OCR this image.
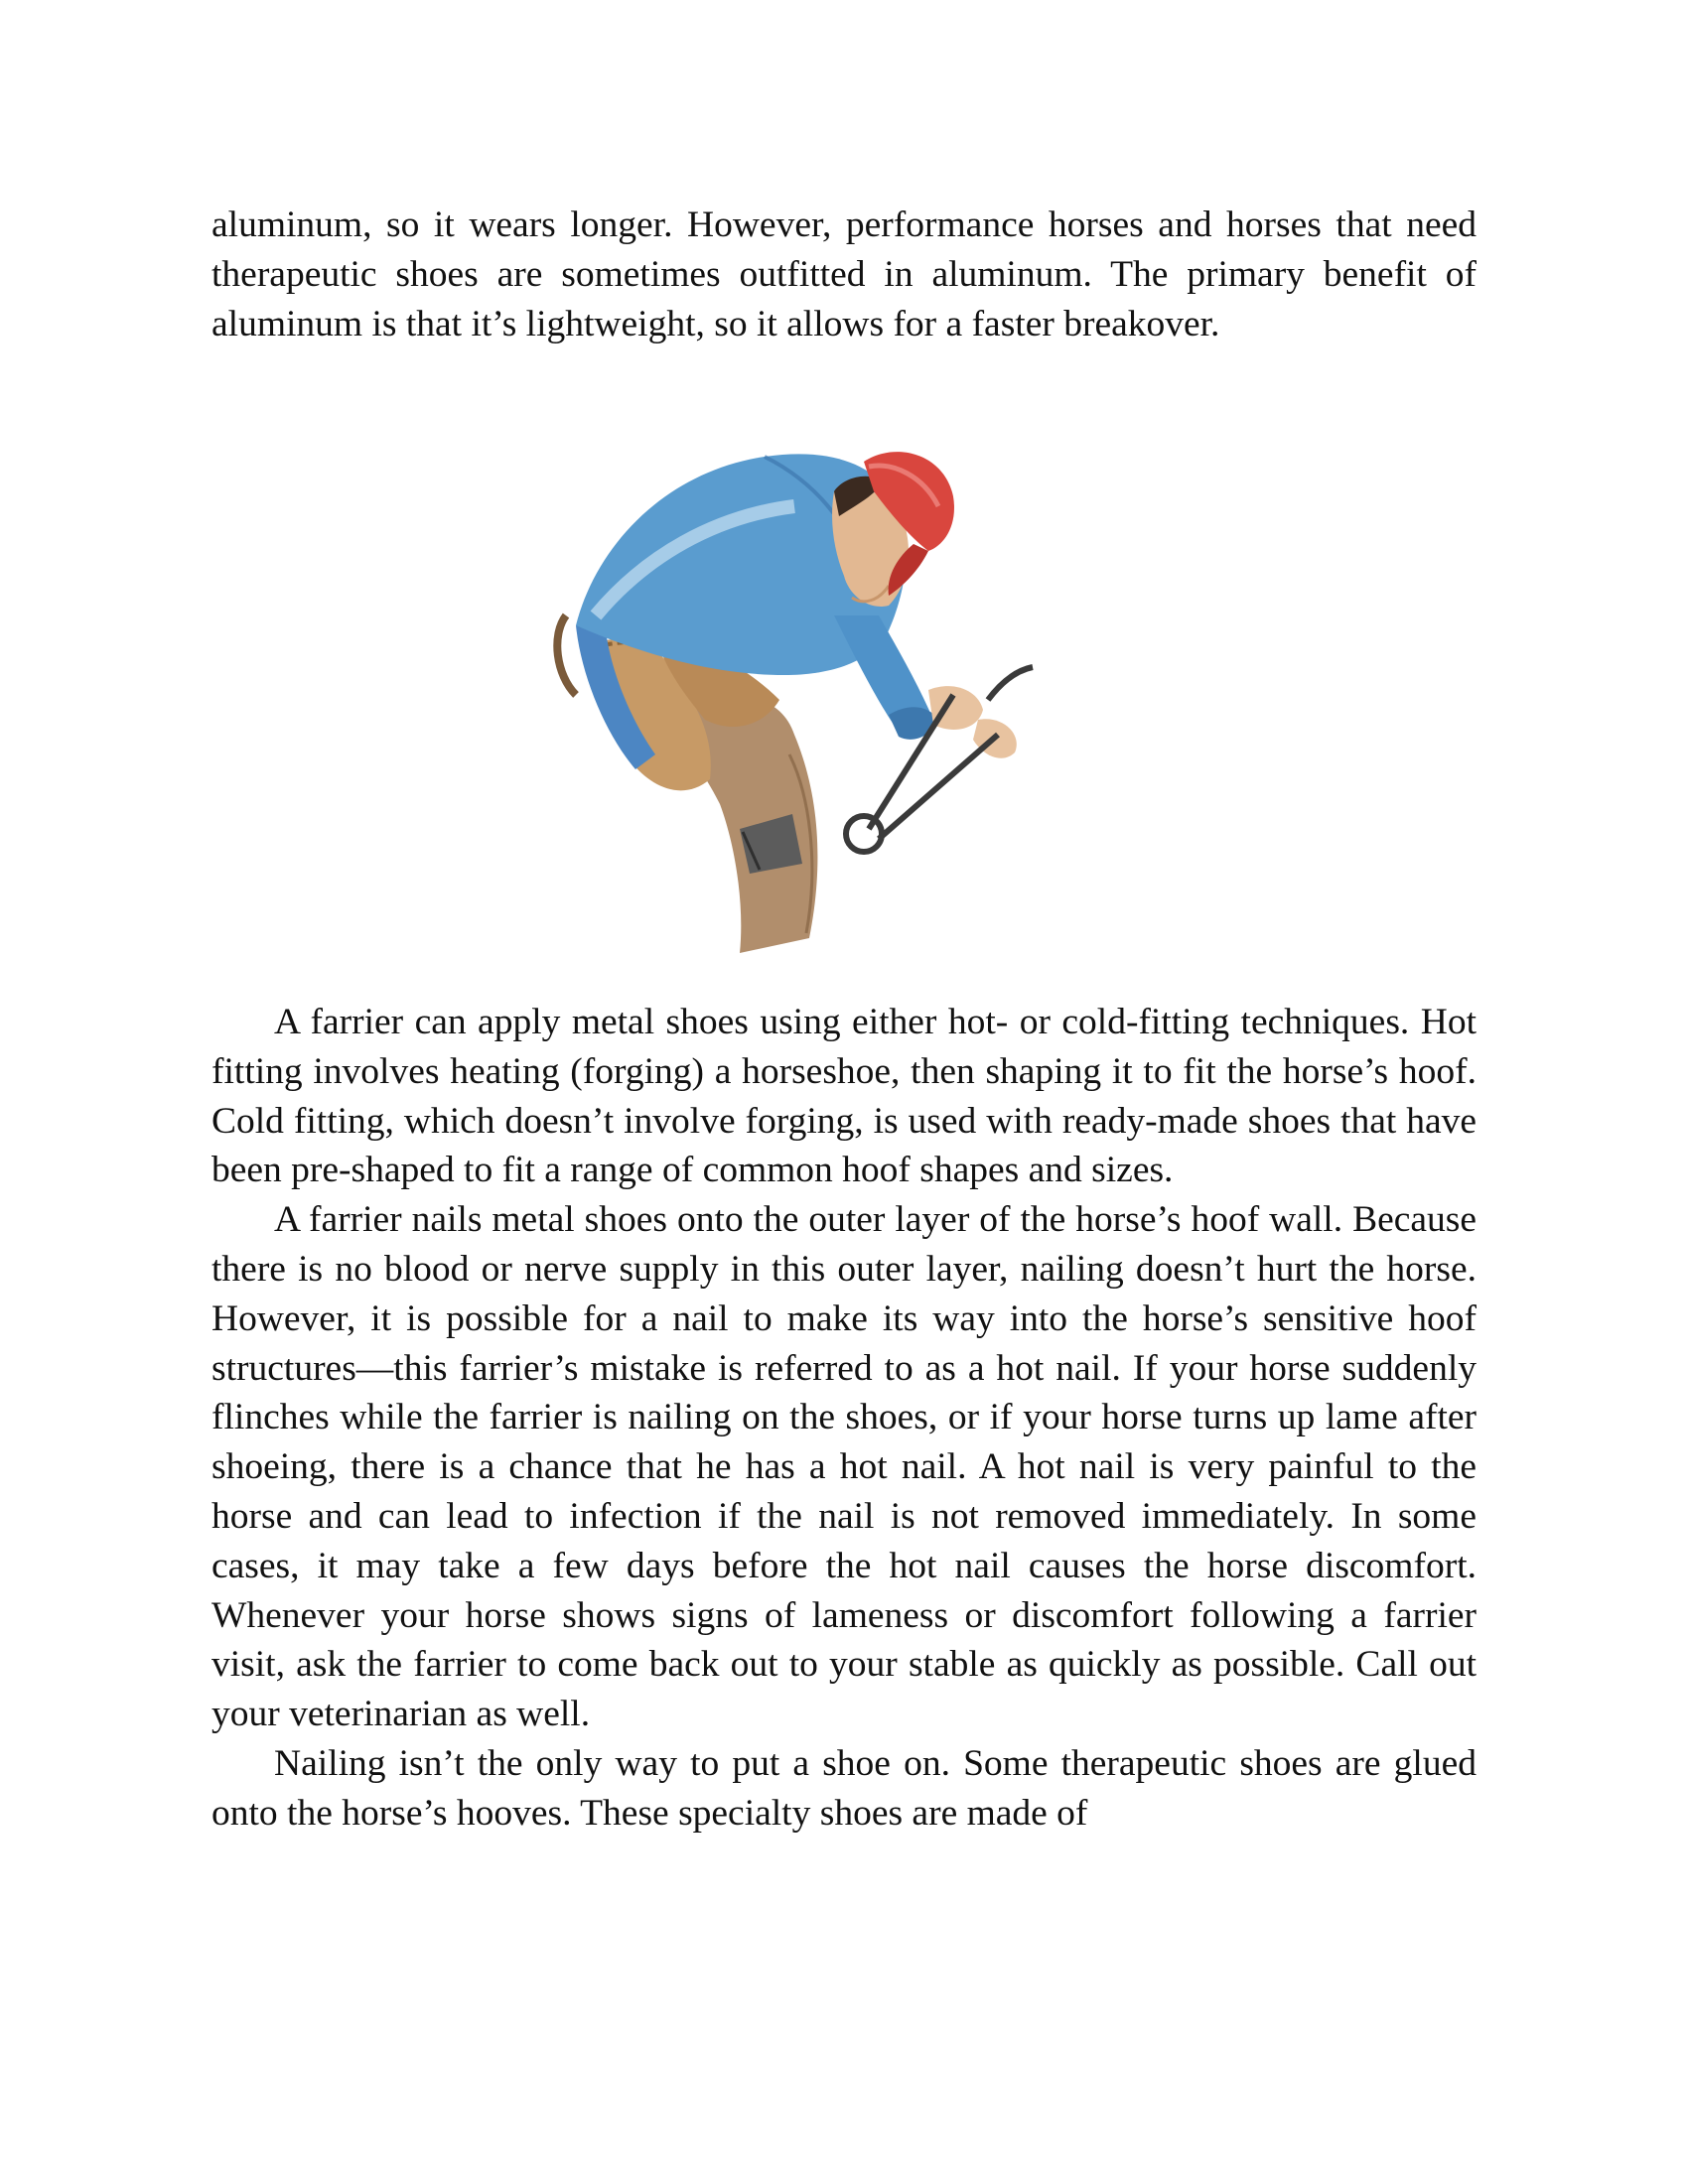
aluminum, so it wears longer. However, performance horses and horses that need therapeutic shoes are sometimes outfitted in aluminum. The primary benefit of aluminum is that it’s lightweight, so it allows for a faster breakover.

A farrier can apply metal shoes using either hot- or cold-fitting techniques. Hot fitting involves heating (forging) a horseshoe, then shaping it to fit the horse’s hoof. Cold fitting, which doesn’t involve forging, is used with ready-made shoes that have been pre-shaped to fit a range of common hoof shapes and sizes.

A farrier nails metal shoes onto the outer layer of the horse’s hoof wall. Because there is no blood or nerve supply in this outer layer, nailing doesn’t hurt the horse. However, it is possible for a nail to make its way into the horse’s sensitive hoof structures—this farrier’s mistake is referred to as a hot nail. If your horse suddenly flinches while the farrier is nailing on the shoes, or if your horse turns up lame after shoeing, there is a chance that he has a hot nail. A hot nail is very painful to the horse and can lead to infection if the nail is not removed immediately. In some cases, it may take a few days before the hot nail causes the horse discomfort. Whenever your horse shows signs of lameness or discomfort following a farrier visit, ask the farrier to come back out to your stable as quickly as possible. Call out your veterinarian as well.

Nailing isn’t the only way to put a shoe on. Some therapeutic shoes are glued onto the horse’s hooves. These specialty shoes are made of
